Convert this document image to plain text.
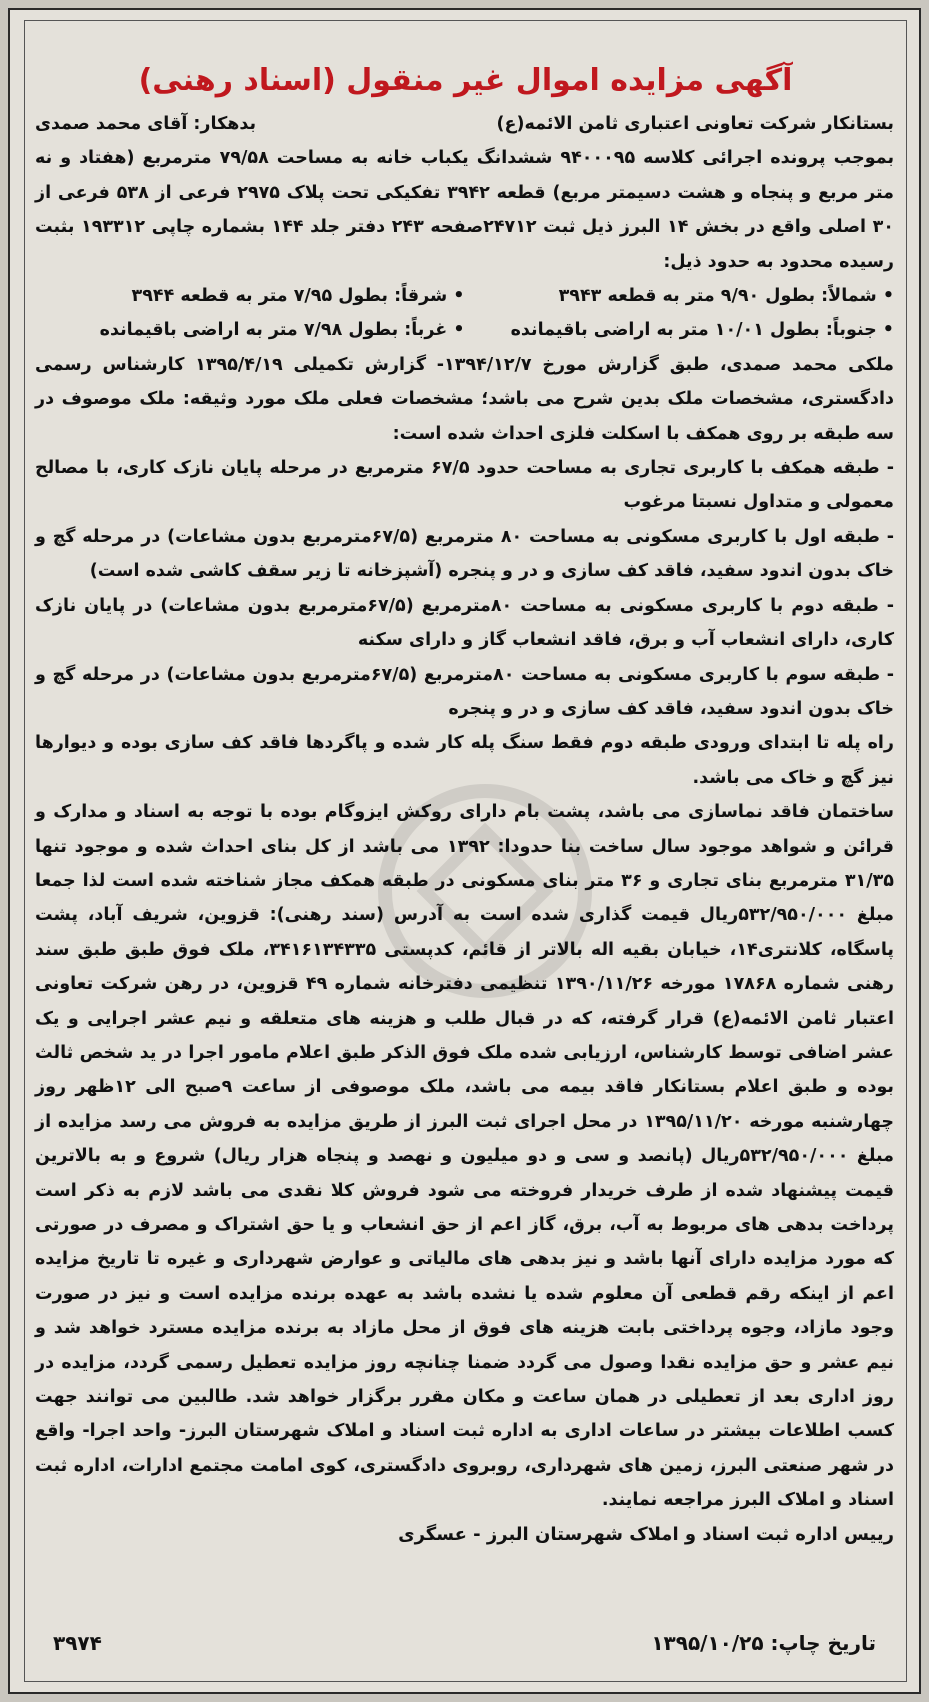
آگهی مزایده اموال غیر منقول (اسناد رهنی)
بستانکار شرکت تعاونی اعتباری ثامن الائمه(ع)
بدهکار: آقای محمد صمدی

بموجب پرونده اجرائی کلاسه ۹۴۰۰۰۹۵ ششدانگ یکباب خانه به مساحت ۷۹/۵۸ مترمربع (هفتاد و نه متر مربع و پنجاه و هشت دسیمتر مربع) قطعه ۳۹۴۲ تفکیکی تحت پلاک ۲۹۷۵ فرعی از ۵۳۸ فرعی از ۳۰ اصلی واقع در بخش ۱۴ البرز ذیل ثبت ۲۴۷۱۲صفحه ۲۴۳ دفتر جلد ۱۴۴ بشماره چاپی ۱۹۳۳۱۲ بثبت رسیده محدود به حدود ذیل:

• شمالاً: بطول ۹/۹۰ متر به قطعه ۳۹۴۳
• شرقاً: بطول ۷/۹۵ متر به قطعه ۳۹۴۴
• جنوباً: بطول ۱۰/۰۱ متر به اراضی باقیمانده
• غرباً: بطول ۷/۹۸ متر به اراضی باقیمانده

ملکی محمد صمدی، طبق گزارش مورخ ۱۳۹۴/۱۲/۷- گزارش تکمیلی ۱۳۹۵/۴/۱۹ کارشناس رسمی دادگستری، مشخصات ملک بدین شرح می باشد؛ مشخصات فعلی ملک مورد وثیقه: ملک موصوف در سه طبقه بر روی همکف با اسکلت فلزی احداث شده است:

- طبقه همکف با کاربری تجاری به مساحت حدود ۶۷/۵ مترمربع در مرحله پایان نازک کاری، با مصالح معمولی و متداول نسبتا مرغوب

- طبقه اول با کاربری مسکونی به مساحت ۸۰ مترمربع (۶۷/۵مترمربع بدون مشاعات) در مرحله گچ و خاک بدون اندود سفید، فاقد کف سازی و در و پنجره (آشپزخانه تا زیر سقف کاشی شده است)

- طبقه دوم با کاربری مسکونی به مساحت ۸۰مترمربع (۶۷/۵مترمربع بدون مشاعات) در پایان نازک کاری، دارای انشعاب آب و برق، فاقد انشعاب گاز و دارای سکنه

- طبقه سوم با کاربری مسکونی به مساحت ۸۰مترمربع (۶۷/۵مترمربع بدون مشاعات) در مرحله گچ و خاک بدون اندود سفید، فاقد کف سازی و در و پنجره

راه پله تا ابتدای ورودی طبقه دوم فقط سنگ پله کار شده و پاگردها فاقد کف سازی بوده و دیوارها نیز گچ و خاک می باشد.

ساختمان فاقد نماسازی می باشد، پشت بام دارای روکش ایزوگام بوده با توجه به اسناد و مدارک و قرائن و شواهد موجود سال ساخت بنا حدودا: ۱۳۹۲ می باشد از کل بنای احداث شده و موجود تنها ۳۱/۳۵ مترمربع بنای تجاری و ۳۶ متر بنای مسکونی در طبقه همکف مجاز شناخته شده است لذا جمعا مبلغ ۵۳۲/۹۵۰/۰۰۰ریال قیمت گذاری شده است به آدرس (سند رهنی): قزوین، شریف آباد، پشت پاسگاه، کلانتری۱۴، خیابان بقیه اله بالاتر از قائم، کدپستی ۳۴۱۶۱۳۴۳۳۵، ملک فوق طبق طبق سند رهنی شماره ۱۷۸۶۸ مورخه ۱۳۹۰/۱۱/۲۶ تنظیمی دفترخانه شماره ۴۹ قزوین، در رهن شرکت تعاونی اعتبار ثامن الائمه(ع) قرار گرفته، که در قبال طلب و هزینه های متعلقه و نیم عشر اجرایی و یک عشر اضافی توسط کارشناس، ارزیابی شده ملک فوق الذکر طبق اعلام مامور اجرا در ید شخص ثالث بوده و طبق اعلام بستانکار فاقد بیمه می باشد، ملک موصوفی از ساعت ۹صبح الی ۱۲ظهر روز چهارشنبه مورخه ۱۳۹۵/۱۱/۲۰ در محل اجرای ثبت البرز از طریق مزایده به فروش می رسد مزایده از مبلغ ۵۳۲/۹۵۰/۰۰۰ریال (پانصد و سی و دو میلیون و نهصد و پنجاه هزار ریال) شروع و به بالاترین قیمت پیشنهاد شده از طرف خریدار فروخته می شود فروش کلا نقدی می باشد لازم به ذکر است پرداخت بدهی های مربوط به آب، برق، گاز اعم از حق انشعاب و یا حق اشتراک و مصرف در صورتی که مورد مزایده دارای آنها باشد و نیز بدهی های مالیاتی و عوارض شهرداری و غیره تا تاریخ مزایده اعم از اینکه رقم قطعی آن معلوم شده یا نشده باشد به عهده برنده مزایده است و نیز در صورت وجود مازاد، وجوه پرداختی بابت هزینه های فوق از محل مازاد به برنده مزایده مسترد خواهد شد و نیم عشر و حق مزایده نقدا وصول می گردد ضمنا چنانچه روز مزایده تعطیل رسمی گردد، مزایده در روز اداری بعد از تعطیلی در همان ساعت و مکان مقرر برگزار خواهد شد. طالبین می توانند جهت کسب اطلاعات بیشتر در ساعات اداری به اداره ثبت اسناد و املاک شهرستان البرز- واحد اجرا- واقع در شهر صنعتی البرز، زمین های شهرداری، روبروی دادگستری، کوی امامت مجتمع ادارات، اداره ثبت اسناد و املاک البرز مراجعه نمایند.

رییس اداره ثبت اسناد و املاک شهرستان البرز - عسگری
تاریخ چاپ: ۱۳۹۵/۱۰/۲۵
۳۹۷۴
